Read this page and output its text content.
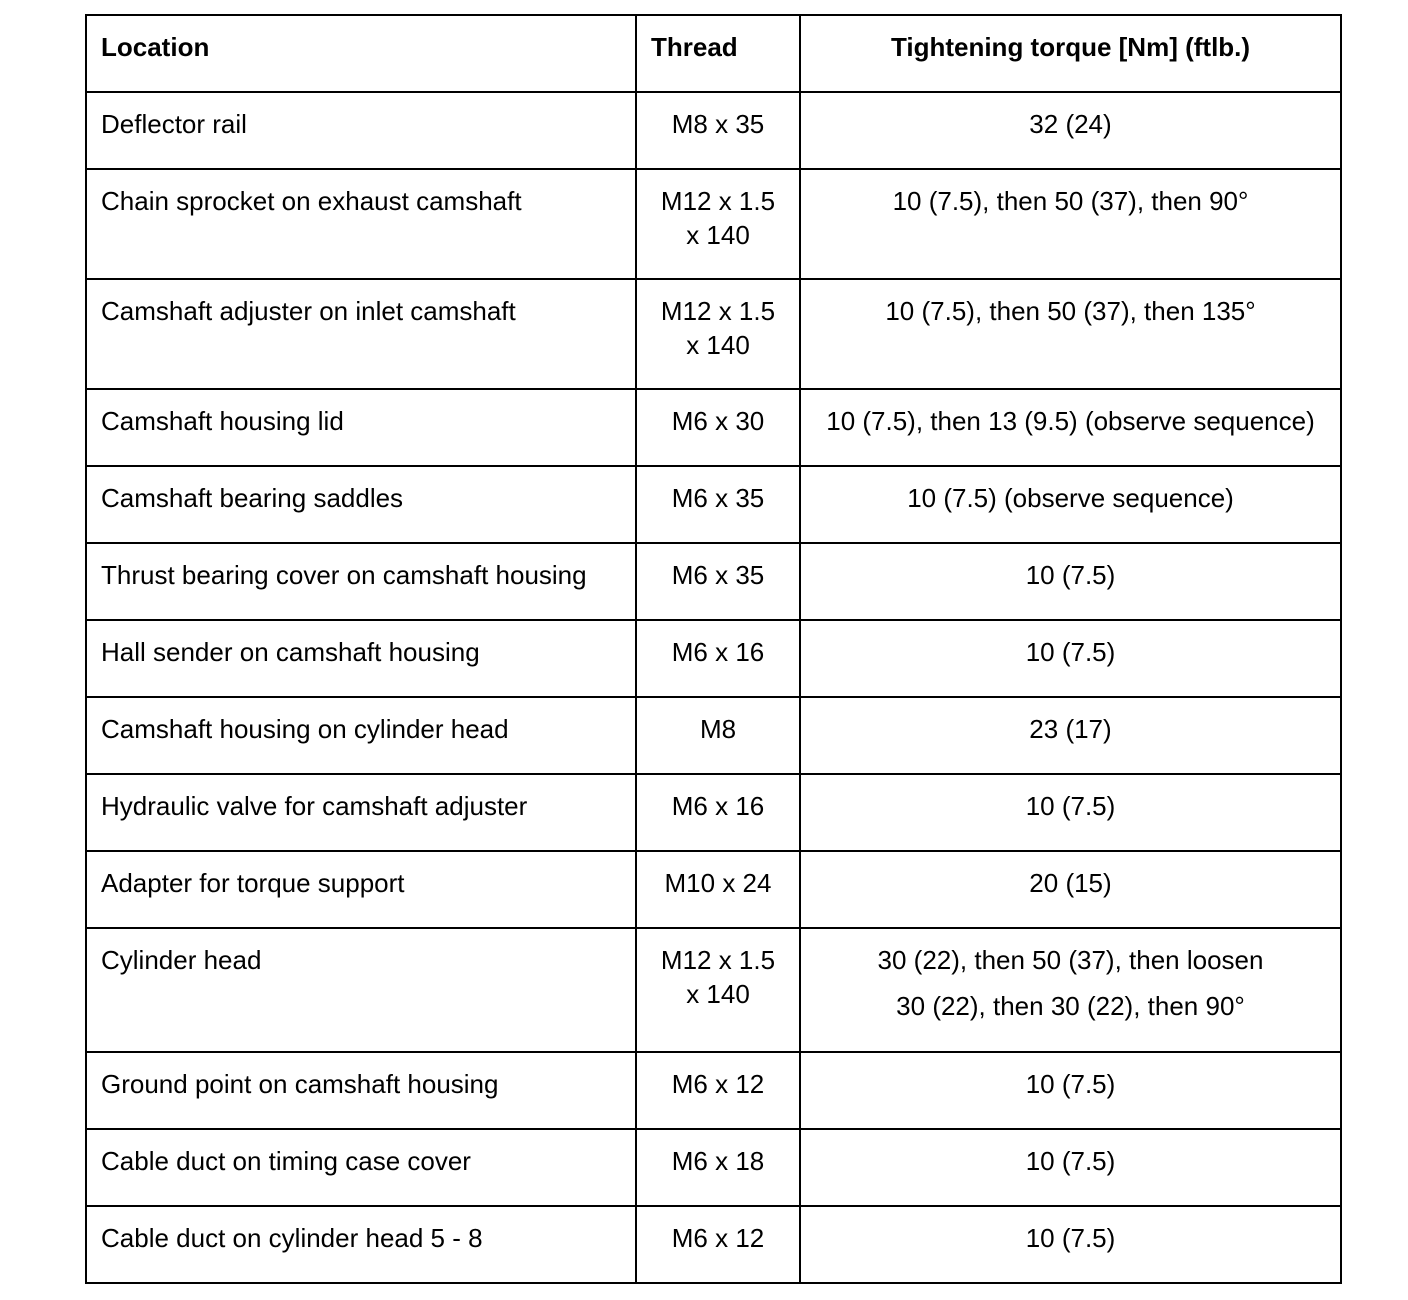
Location	Thread	Tightening torque [Nm] (ftlb.)
Deflector rail	M8 x 35	32 (24)
Chain sprocket on exhaust camshaft	M12 x 1.5 x 140	10 (7.5), then 50 (37), then 90°
Camshaft adjuster on inlet camshaft	M12 x 1.5 x 140	10 (7.5), then 50 (37), then 135°
Camshaft housing lid	M6 x 30	10 (7.5), then 13 (9.5) (observe sequence)
Camshaft bearing saddles	M6 x 35	10 (7.5) (observe sequence)
Thrust bearing cover on camshaft housing	M6 x 35	10 (7.5)
Hall sender on camshaft housing	M6 x 16	10 (7.5)
Camshaft housing on cylinder head	M8	23 (17)
Hydraulic valve for camshaft adjuster	M6 x 16	10 (7.5)
Adapter for torque support	M10 x 24	20 (15)
Cylinder head	M12 x 1.5 x 140	30 (22), then 50 (37), then loosen
30 (22), then 30 (22), then 90°

Ground point on camshaft housing	M6 x 12	10 (7.5)
Cable duct on timing case cover	M6 x 18	10 (7.5)
Cable duct on cylinder head 5 - 8	M6 x 12	10 (7.5)
